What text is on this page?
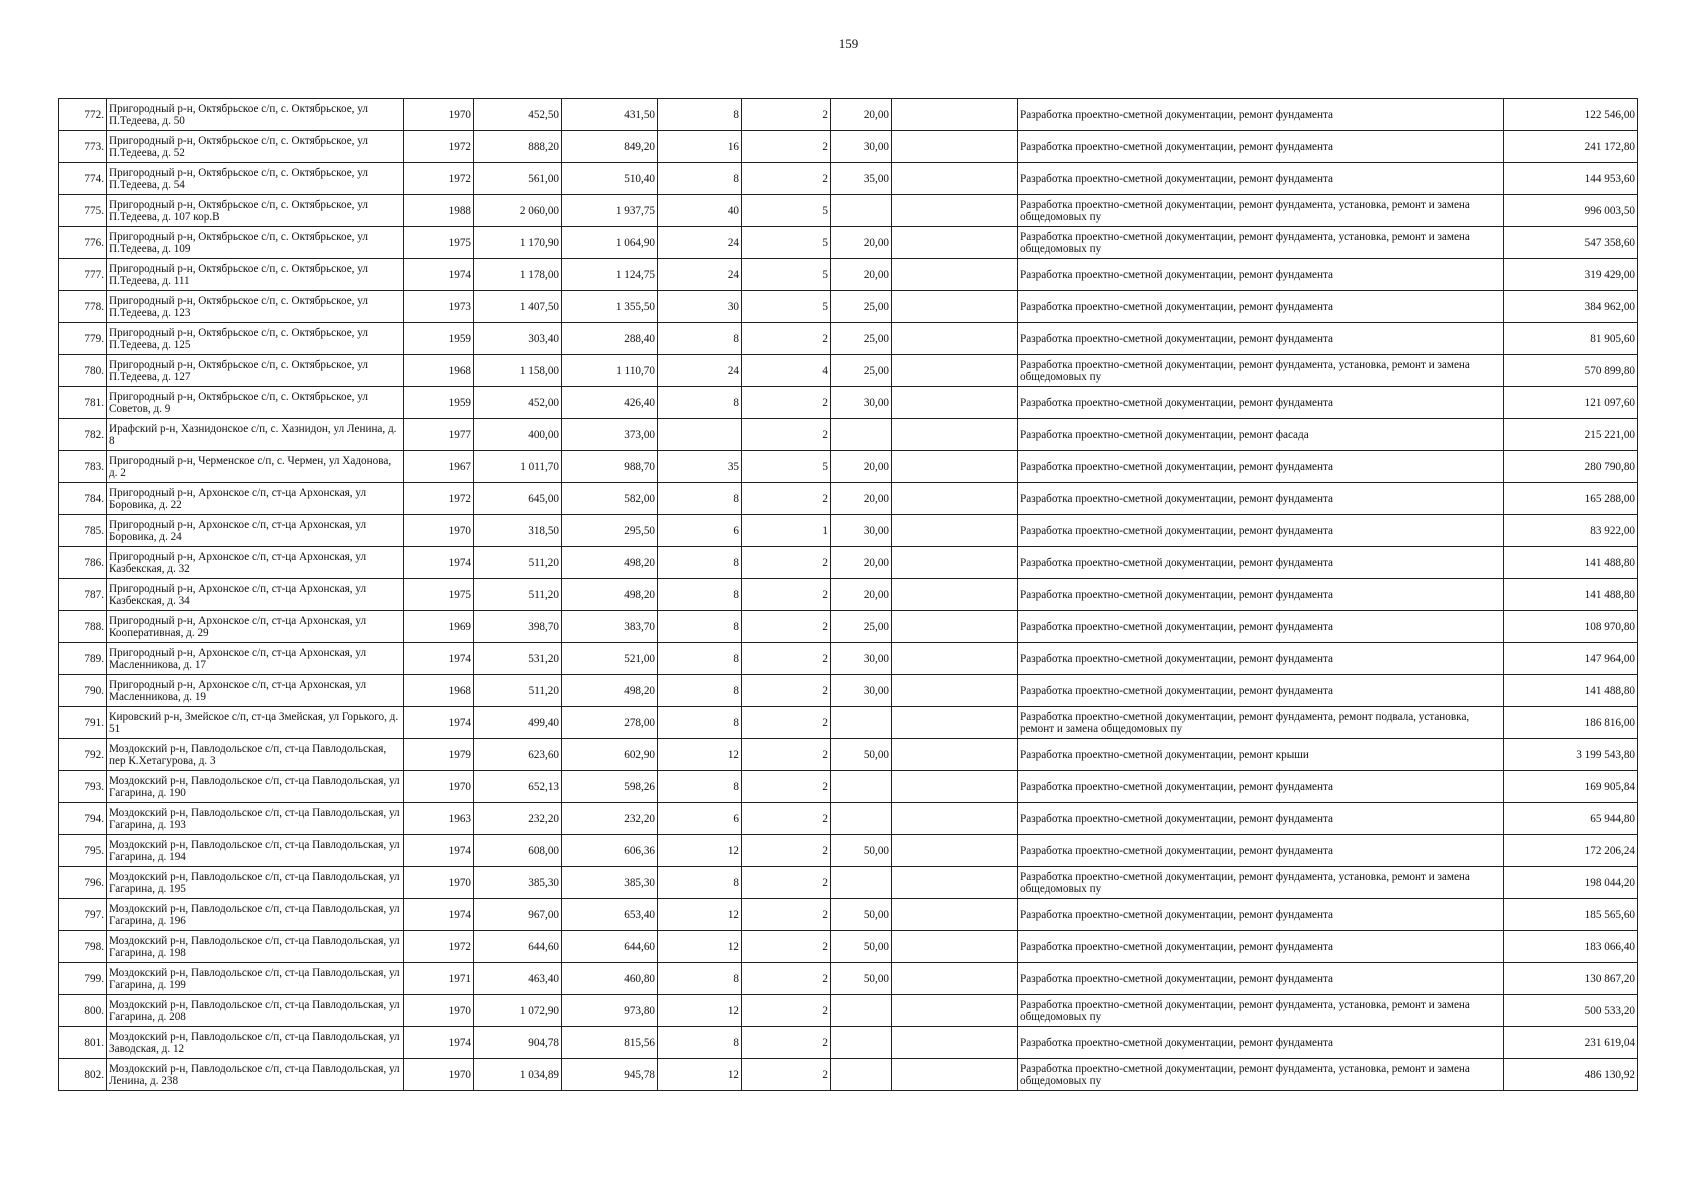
159
772.	Пригородный р-н, Октябрьское с/п, с. Октябрьское, ул П.Тедеева, д. 50	1970	452,50	431,50	8	2	20,00		Разработка проектно-сметной документации, ремонт фундамента	122 546,00
773.	Пригородный р-н, Октябрьское с/п, с. Октябрьское, ул П.Тедеева, д. 52	1972	888,20	849,20	16	2	30,00		Разработка проектно-сметной документации, ремонт фундамента	241 172,80
774.	Пригородный р-н, Октябрьское с/п, с. Октябрьское, ул П.Тедеева, д. 54	1972	561,00	510,40	8	2	35,00		Разработка проектно-сметной документации, ремонт фундамента	144 953,60
775.	Пригородный р-н, Октябрьское с/п, с. Октябрьское, ул П.Тедеева, д. 107 кор.В	1988	2 060,00	1 937,75	40	5			Разработка проектно-сметной документации, ремонт фундамента, установка, ремонт и замена общедомовых пу	996 003,50
776.	Пригородный р-н, Октябрьское с/п, с. Октябрьское, ул П.Тедеева, д. 109	1975	1 170,90	1 064,90	24	5	20,00		Разработка проектно-сметной документации, ремонт фундамента, установка, ремонт и замена общедомовых пу	547 358,60
777.	Пригородный р-н, Октябрьское с/п, с. Октябрьское, ул П.Тедеева, д. 111	1974	1 178,00	1 124,75	24	5	20,00		Разработка проектно-сметной документации, ремонт фундамента	319 429,00
778.	Пригородный р-н, Октябрьское с/п, с. Октябрьское, ул П.Тедеева, д. 123	1973	1 407,50	1 355,50	30	5	25,00		Разработка проектно-сметной документации, ремонт фундамента	384 962,00
779.	Пригородный р-н, Октябрьское с/п, с. Октябрьское, ул П.Тедеева, д. 125	1959	303,40	288,40	8	2	25,00		Разработка проектно-сметной документации, ремонт фундамента	81 905,60
780.	Пригородный р-н, Октябрьское с/п, с. Октябрьское, ул П.Тедеева, д. 127	1968	1 158,00	1 110,70	24	4	25,00		Разработка проектно-сметной документации, ремонт фундамента, установка, ремонт и замена общедомовых пу	570 899,80
781.	Пригородный р-н, Октябрьское с/п, с. Октябрьское, ул Советов, д. 9	1959	452,00	426,40	8	2	30,00		Разработка проектно-сметной документации, ремонт фундамента	121 097,60
782.	Ирафский р-н, Хазнидонское с/п, с. Хазнидон, ул Ленина, д. 8	1977	400,00	373,00		2			Разработка проектно-сметной документации, ремонт фасада	215 221,00
783.	Пригородный р-н, Черменское с/п, с. Чермен, ул Хадонова, д. 2	1967	1 011,70	988,70	35	5	20,00		Разработка проектно-сметной документации, ремонт фундамента	280 790,80
784.	Пригородный р-н, Архонское с/п, ст-ца Архонская, ул Боровика, д. 22	1972	645,00	582,00	8	2	20,00		Разработка проектно-сметной документации, ремонт фундамента	165 288,00
785.	Пригородный р-н, Архонское с/п, ст-ца Архонская, ул Боровика, д. 24	1970	318,50	295,50	6	1	30,00		Разработка проектно-сметной документации, ремонт фундамента	83 922,00
786.	Пригородный р-н, Архонское с/п, ст-ца Архонская, ул Казбекская, д. 32	1974	511,20	498,20	8	2	20,00		Разработка проектно-сметной документации, ремонт фундамента	141 488,80
787.	Пригородный р-н, Архонское с/п, ст-ца Архонская, ул Казбекская, д. 34	1975	511,20	498,20	8	2	20,00		Разработка проектно-сметной документации, ремонт фундамента	141 488,80
788.	Пригородный р-н, Архонское с/п, ст-ца Архонская, ул Кооперативная, д. 29	1969	398,70	383,70	8	2	25,00		Разработка проектно-сметной документации, ремонт фундамента	108 970,80
789.	Пригородный р-н, Архонское с/п, ст-ца Архонская, ул Масленникова, д. 17	1974	531,20	521,00	8	2	30,00		Разработка проектно-сметной документации, ремонт фундамента	147 964,00
790.	Пригородный р-н, Архонское с/п, ст-ца Архонская, ул Масленникова, д. 19	1968	511,20	498,20	8	2	30,00		Разработка проектно-сметной документации, ремонт фундамента	141 488,80
791.	Кировский р-н, Змейское с/п, ст-ца Змейская, ул Горького, д. 51	1974	499,40	278,00	8	2			Разработка проектно-сметной документации, ремонт фундамента, ремонт подвала, установка, ремонт и замена общедомовых пу	186 816,00
792.	Моздокский р-н, Павлодольское с/п, ст-ца Павлодольская, пер К.Хетагурова, д. 3	1979	623,60	602,90	12	2	50,00		Разработка проектно-сметной документации, ремонт крыши	3 199 543,80
793.	Моздокский р-н, Павлодольское с/п, ст-ца Павлодольская, ул Гагарина, д. 190	1970	652,13	598,26	8	2			Разработка проектно-сметной документации, ремонт фундамента	169 905,84
794.	Моздокский р-н, Павлодольское с/п, ст-ца Павлодольская, ул Гагарина, д. 193	1963	232,20	232,20	6	2			Разработка проектно-сметной документации, ремонт фундамента	65 944,80
795.	Моздокский р-н, Павлодольское с/п, ст-ца Павлодольская, ул Гагарина, д. 194	1974	608,00	606,36	12	2	50,00		Разработка проектно-сметной документации, ремонт фундамента	172 206,24
796.	Моздокский р-н, Павлодольское с/п, ст-ца Павлодольская, ул Гагарина, д. 195	1970	385,30	385,30	8	2			Разработка проектно-сметной документации, ремонт фундамента, установка, ремонт и замена общедомовых пу	198 044,20
797.	Моздокский р-н, Павлодольское с/п, ст-ца Павлодольская, ул Гагарина, д. 196	1974	967,00	653,40	12	2	50,00		Разработка проектно-сметной документации, ремонт фундамента	185 565,60
798.	Моздокский р-н, Павлодольское с/п, ст-ца Павлодольская, ул Гагарина, д. 198	1972	644,60	644,60	12	2	50,00		Разработка проектно-сметной документации, ремонт фундамента	183 066,40
799.	Моздокский р-н, Павлодольское с/п, ст-ца Павлодольская, ул Гагарина, д. 199	1971	463,40	460,80	8	2	50,00		Разработка проектно-сметной документации, ремонт фундамента	130 867,20
800.	Моздокский р-н, Павлодольское с/п, ст-ца Павлодольская, ул Гагарина, д. 208	1970	1 072,90	973,80	12	2			Разработка проектно-сметной документации, ремонт фундамента, установка, ремонт и замена общедомовых пу	500 533,20
801.	Моздокский р-н, Павлодольское с/п, ст-ца Павлодольская, ул Заводская, д. 12	1974	904,78	815,56	8	2			Разработка проектно-сметной документации, ремонт фундамента	231 619,04
802.	Моздокский р-н, Павлодольское с/п, ст-ца Павлодольская, ул Ленина, д. 238	1970	1 034,89	945,78	12	2			Разработка проектно-сметной документации, ремонт фундамента, установка, ремонт и замена общедомовых пу	486 130,92
